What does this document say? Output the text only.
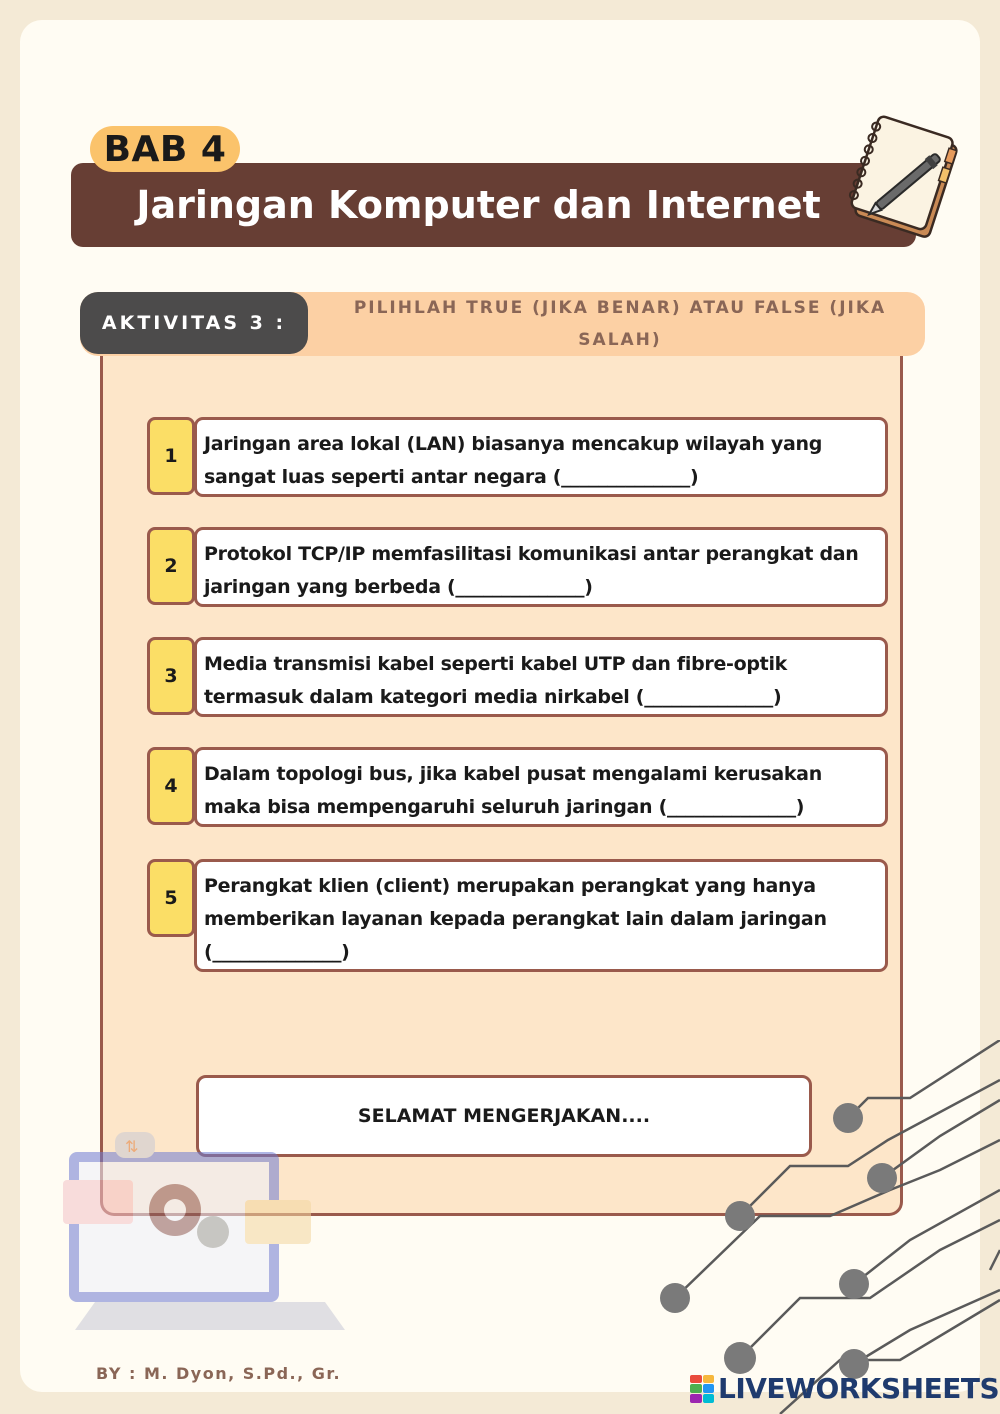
BAB 4
Jaringan Komputer dan Internet
AKTIVITAS 3 :
PILIHLAH TRUE (JIKA BENAR) ATAU FALSE (JIKA SALAH)
1
Jaringan area lokal (LAN) biasanya mencakup wilayah yang sangat luas seperti antar negara (______________)
2
Protokol TCP/IP memfasilitasi komunikasi antar perangkat dan jaringan yang berbeda (______________)
3
Media transmisi kabel seperti kabel UTP dan fibre-optik termasuk dalam kategori media nirkabel (______________)
4
Dalam topologi bus, jika kabel pusat mengalami kerusakan maka bisa mempengaruhi seluruh jaringan (______________)
5
Perangkat klien (client) merupakan perangkat yang hanya memberikan layanan kepada perangkat lain dalam jaringan (______________)
SELAMAT MENGERJAKAN....
⇅
BY : M. Dyon, S.Pd., Gr.	LIVEWORKSHEETS
